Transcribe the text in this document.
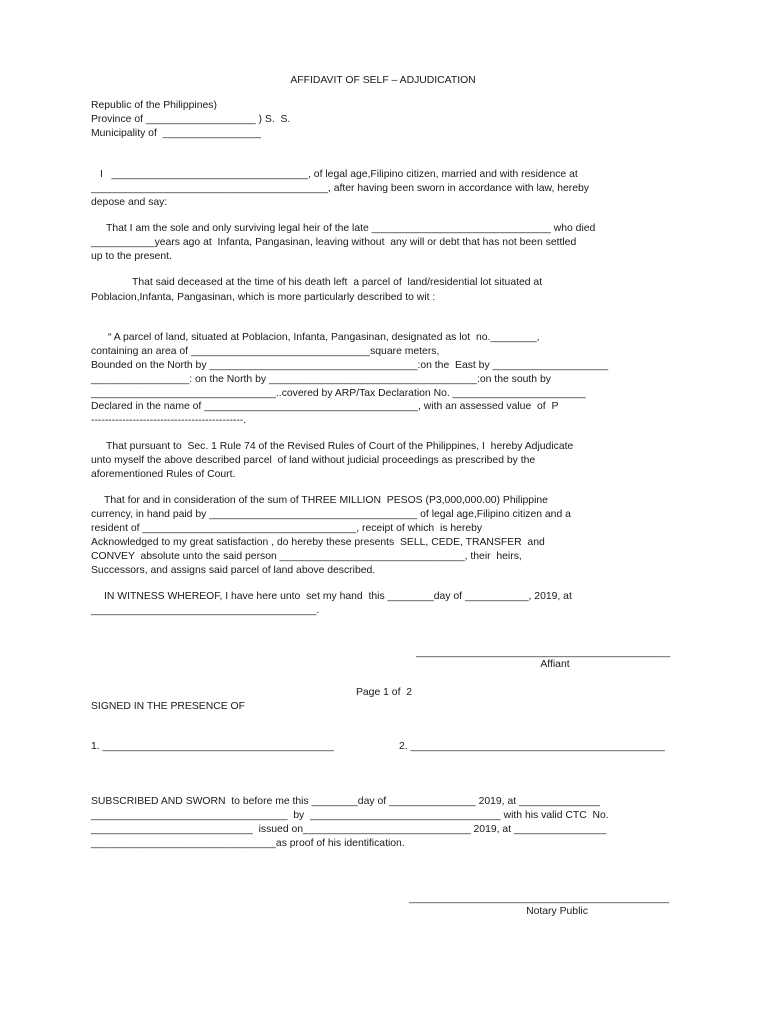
AFFIDAVIT OF SELF – ADJUDICATION
Republic of the Philippines)
Province of ___________________ ) S.  S.
Municipality of  _________________
I   __________________________________, of legal age,Filipino citizen, married and with residence at
_________________________________________, after having been sworn in accordance with law, hereby
depose and say:
That I am the sole and only surviving legal heir of the late _______________________________ who died
___________years ago at  Infanta, Pangasinan, leaving without  any will or debt that has not been settled
up to the present.
That said deceased at the time of his death left  a parcel of  land/residential lot situated at
Poblacion,Infanta, Pangasinan, which is more particularly described to wit :
“ A parcel of land, situated at Poblacion, Infanta, Pangasinan, designated as lot  no.________,
containing an area of _______________________________square meters,
Bounded on the North by ____________________________________:on the  East by ____________________
_________________: on the North by ____________________________________:on the south by
________________________________..covered by ARP/Tax Declaration No. _______________________
Declared in the name of _____________________________________, with an assessed value  of  P
--------------------------------------------.
That pursuant to  Sec. 1 Rule 74 of the Revised Rules of Court of the Philippines, I  hereby Adjudicate
unto myself the above described parcel  of land without judicial proceedings as prescribed by the
aforementioned Rules of Court.
That for and in consideration of the sum of THREE MILLION  PESOS (P3,000,000.00) Philippine
currency, in hand paid by ____________________________________ of legal age,Filipino citizen and a
resident of _____________________________________, receipt of which  is hereby
Acknowledged to my great satisfaction , do hereby these presents  SELL, CEDE, TRANSFER  and
CONVEY  absolute unto the said person ________________________________, their  heirs,
Successors, and assigns said parcel of land above described.
IN WITNESS WHEREOF, I have here unto  set my hand  this ________day of ___________, 2019, at
_______________________________________.
____________________________________________
Affiant
Page 1 of  2
SIGNED IN THE PRESENCE OF
1. ________________________________________	2. ____________________________________________
SUBSCRIBED AND SWORN  to before me this ________day of _______________ 2019, at ______________
__________________________________  by  _________________________________ with his valid CTC  No.
____________________________  issued on_____________________________ 2019, at ________________
________________________________as proof of his identification.
_____________________________________________
Notary Public
